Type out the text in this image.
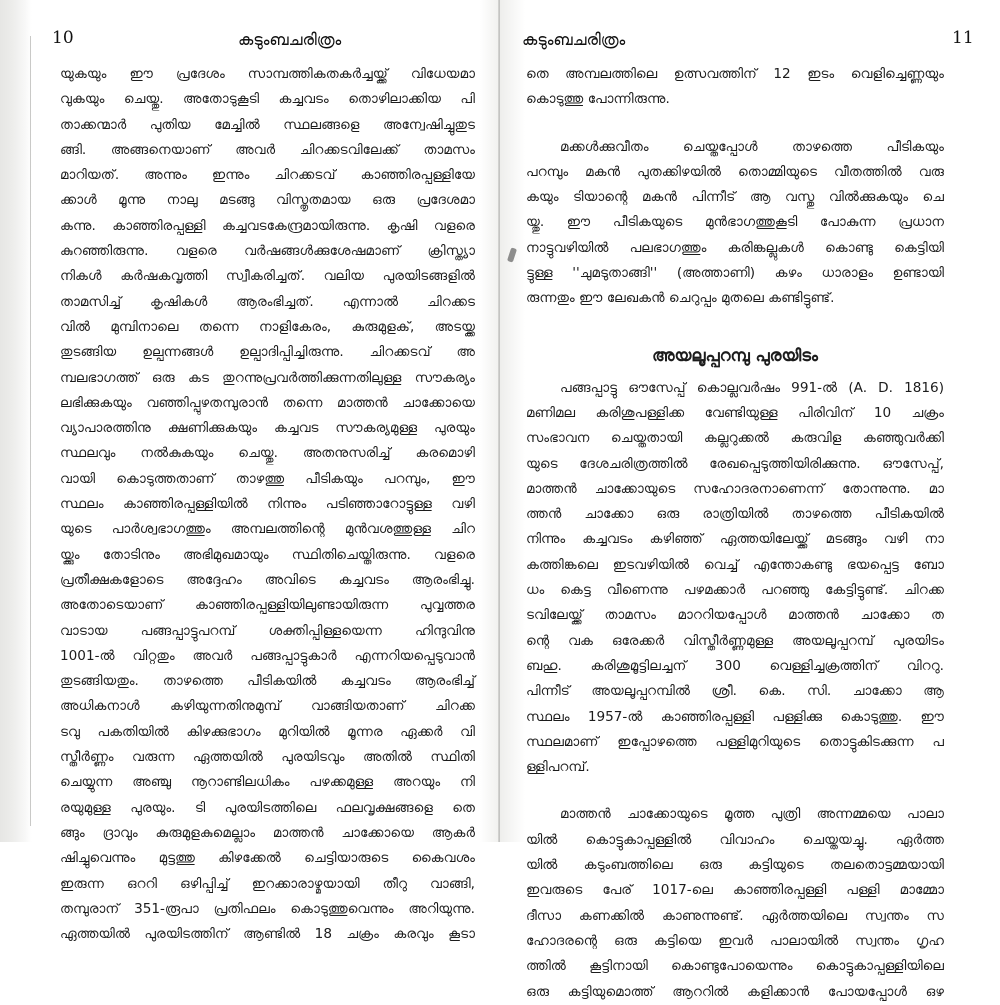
10	കടുംബചരിത്രം
യുകയും ഈ പ്രദേശം സാമ്പത്തികതകർച്ചയ്ക്ക് വിധേയമാ
വുകയും ചെയ്തു. അതോടുകൂടി കച്ചവടം തൊഴിലാക്കിയ പി
താക്കന്മാർ പുതിയ മേച്ചിൽ സ്ഥലങ്ങളെ അന്വേഷിച്ചുതുട
ങ്ങി. അങ്ങനെയാണ് അവർ ചിറക്കടവിലേക്ക് താമസം
മാറിയത്. അന്നും ഇന്നും ചിറക്കടവ് കാഞ്ഞിരപ്പള്ളിയേ
ക്കാൾ മൂന്നു നാലു മടങ്ങു വിസ്തൃതമായ ഒരു പ്രദേശമാ
കന്നു. കാഞ്ഞിരപ്പള്ളി കച്ചവടകേന്ദ്രമായിരുന്നു. കൃഷി വളരെ
കുറഞ്ഞിരുന്നു. വളരെ വർഷങ്ങൾക്കുശേഷമാണ് ക്രിസ്ത്യാ
നികൾ കർഷകവൃത്തി സ്വീകരിച്ചത്. വലിയ പുരയിടങ്ങളിൽ
താമസിച്ച് കൃഷികൾ ആരംഭിച്ചത്. എന്നാൽ ചിറക്കട
വിൽ മുമ്പിനാലെ തന്നെ നാളികേരം, കുരുമുളക്, അടയ്ക്ക
തുടങ്ങിയ ഉല്പന്നങ്ങൾ ഉല്പാദിപ്പിച്ചിരുന്നു. ചിറക്കടവ് അ
മ്പലഭാഗത്ത് ഒരു കട തുറന്നുപ്രവർത്തിക്കുന്നതിലുള്ള സൗകര്യം
ലഭിക്കുകയും വഞ്ഞിപ്പുഴതമ്പുരാൻ തന്നെ മാത്തൻ ചാക്കോയെ
വ്യാപാരത്തിനു ക്ഷണിക്കുകയും കച്ചവട സൗകര്യമുള്ള പുരയും
സ്ഥലവും നൽകുകയും ചെയ്തു. അതനുസരിച്ച് കരമൊഴി
വായി കൊടുത്തതാണ് താഴത്തു പീടികയും പറമ്പും, ഈ
സ്ഥലം കാഞ്ഞിരപ്പള്ളിയിൽ നിന്നും പടിഞ്ഞാറോട്ടുള്ള വഴി
യുടെ പാർശ്വഭാഗത്തും അമ്പലത്തിന്റെ മുൻവശത്തുള്ള ചിറ
യ്ക്കും തോടിനും അഭിമുഖമായും സ്ഥിതിചെയ്തിരുന്നു. വളരെ
പ്രതീക്ഷകളോടെ അദ്ദേഹം അവിടെ കച്ചവടം ആരംഭിച്ചു.
അതോടെയാണ് കാഞ്ഞിരപ്പള്ളിയിലുണ്ടായിരുന്ന പുവ്വത്തര
വാടായ പങ്ങപ്പാട്ടുപറമ്പ് ശക്തിപ്പിള്ളയെന്ന ഹിന്ദുവിനു
1001-ൽ വിറ്റതും അവർ പങ്ങപ്പാട്ടുകാർ എന്നറിയപ്പെടുവാൻ
തുടങ്ങിയതും. താഴത്തെ പീടികയിൽ കച്ചവടം ആരംഭിച്ച്
അധികനാൾ കഴിയുന്നതിനുമുമ്പ് വാങ്ങിയതാണ് ചിറക്ക
ടവു പകതിയിൽ കിഴക്കുഭാഗം മുറിയിൽ മൂന്നര ഏക്കർ വി
സ്തീർണ്ണം വരുന്ന ഏത്തയിൽ പുരയിടവും അതിൽ സ്ഥിതി
ചെയ്യുന്ന അഞ്ചു നൂറാണ്ടിലധികം പഴക്കമുള്ള അറയും നി
രയുമുള്ള പുരയും. ടി പുരയിടത്തിലെ ഫലവൃക്ഷങ്ങളെ തെ
ങ്ങും ദ്രാവും കുരുമുളകുമെല്ലാം മാത്തൻ ചാക്കോയെ ആകർ
ഷിച്ചുവെന്നും മുട്ടത്തു കിഴക്കേൽ ചെട്ടിയാരുടെ കൈവശം
ഇരുന്ന ഒററി ഒഴിപ്പിച്ച് ഇറക്കാരാഴ്മയായി തീറു വാങ്ങി,
തമ്പുരാന് 351-രൂപാ പ്രതിഫലം കൊടുത്തുവെന്നും അറിയുന്നു.
ഏത്തയിൽ പുരയിടത്തിന് ആണ്ടിൽ 18 ചക്രം കരവും കൂടാ
കടുംബചരിത്രം	11
തെ അമ്പലത്തിലെ ഉത്സവത്തിന് 12 ഇടം വെളിച്ചെണ്ണയും
കൊടുത്തു പോന്നിരുന്നു.
മക്കൾക്കുവീതം ചെയ്തപ്പോൾ താഴത്തെ പീടികയും
പറമ്പും മകൻ പുതക്കിഴയിൽ തൊമ്മിയുടെ വീതത്തിൽ വരു
കയും ടിയാന്റെ മകൻ പിന്നീട് ആ വസ്തു വിൽക്കുകയും ചെ
യ്തു. ഈ പീടികയുടെ മുൻഭാഗത്തുകൂടി പോകുന്ന പ്രധാന
നാട്ടുവഴിയിൽ പലഭാഗത്തും കരിങ്കല്ലുകൾ കൊണ്ടു കെട്ടിയി
ട്ടുള്ള ''ചുമടുതാങ്ങി'' (അത്താണി) കഴം ധാരാളം ഉണ്ടായി
രുന്നതും ഈ ലേഖകൻ ചെറുപ്പം മുതലെ കണ്ടിട്ടുണ്ട്.
അയലൂപ്പറമ്പു പുരയിടം
പങ്ങപ്പാട്ടു ഔസേപ്പ് കൊല്ലവർഷം 991-ൽ (A. D. 1816)
മണിമല കരിശുപള്ളിക്ക വേണ്ടിയുള്ള പിരിവിന് 10 ചക്രം
സംഭാവന ചെയ്തതായി കല്ലറുക്കൽ കരുവിള കഞ്ഞുവർക്കി
യുടെ ദേശചരിത്രത്തിൽ രേഖപ്പെടുത്തിയിരിക്കുന്നു. ഔസേപ്പ്,
മാത്തൻ ചാക്കോയുടെ സഹോദരനാണെന്ന് തോന്നുന്നു. മാ
ത്തൻ ചാക്കോ ഒരു രാത്രിയിൽ താഴത്തെ പീടികയിൽ
നിന്നും കച്ചവടം കഴിഞ്ഞ് ഏത്തയിലേയ്ക്ക് മടങ്ങും വഴി നാ
കത്തിങ്കലെ ഇടവഴിയിൽ വെച്ച് എന്തോകണ്ടു ഭയപ്പെട്ട ബോ
ധം കെട്ട വീണെന്നു പഴമക്കാർ പറഞ്ഞു കേട്ടിട്ടുണ്ട്. ചിറക്ക
ടവിലേയ്ക്ക് താമസം മാററിയപ്പോൾ മാത്തൻ ചാക്കോ ത
ന്റെ വക ഒരേക്കർ വിസ്തീർണ്ണമുള്ള അയലൂപ്പറമ്പ് പുരയിടം
ബഹു. കരിശുമൂട്ടിലച്ചന് 300 വെള്ളിച്ചക്രത്തിന് വിററു.
പിന്നീട് അയലൂപ്പറമ്പിൽ ശ്രീ. കെ. സി. ചാക്കോ ആ
സ്ഥലം 1957-ൽ കാഞ്ഞിരപ്പള്ളി പള്ളിക്കു കൊടുത്തു. ഈ
സ്ഥലമാണ് ഇപ്പോഴത്തെ പള്ളിമുറിയുടെ തൊട്ടുകിടക്കുന്ന പ
ള്ളിപറമ്പ്.
മാത്തൻ ചാക്കോയുടെ മൂത്ത പുത്രി അന്നമ്മയെ പാലാ
യിൽ കൊട്ടുകാപ്പള്ളിൽ വിവാഹം ചെയ്തയച്ചു. ഏർത്ത
യിൽ കടുംബത്തിലെ ഒരു കട്ടിയുടെ തലതൊട്ടമ്മയായി
ഇവരുടെ പേര് 1017-ലെ കാഞ്ഞിരപ്പള്ളി പള്ളി മാമ്മോ
ദീസാ കണക്കിൽ കാണുന്നുണ്ട്. ഏർത്തയിലെ സ്വന്തം സ
ഹോദരന്റെ ഒരു കട്ടിയെ ഇവർ പാലായിൽ സ്വന്തം ഗൃഹ
ത്തിൽ കൂട്ടിനായി കൊണ്ടുപോയെന്നും കൊട്ടുകാപ്പള്ളിയിലെ
ഒരു കട്ടിയുമൊത്ത് ആററിൽ കളിക്കാൻ പോയപ്പോൾ ഒഴ
